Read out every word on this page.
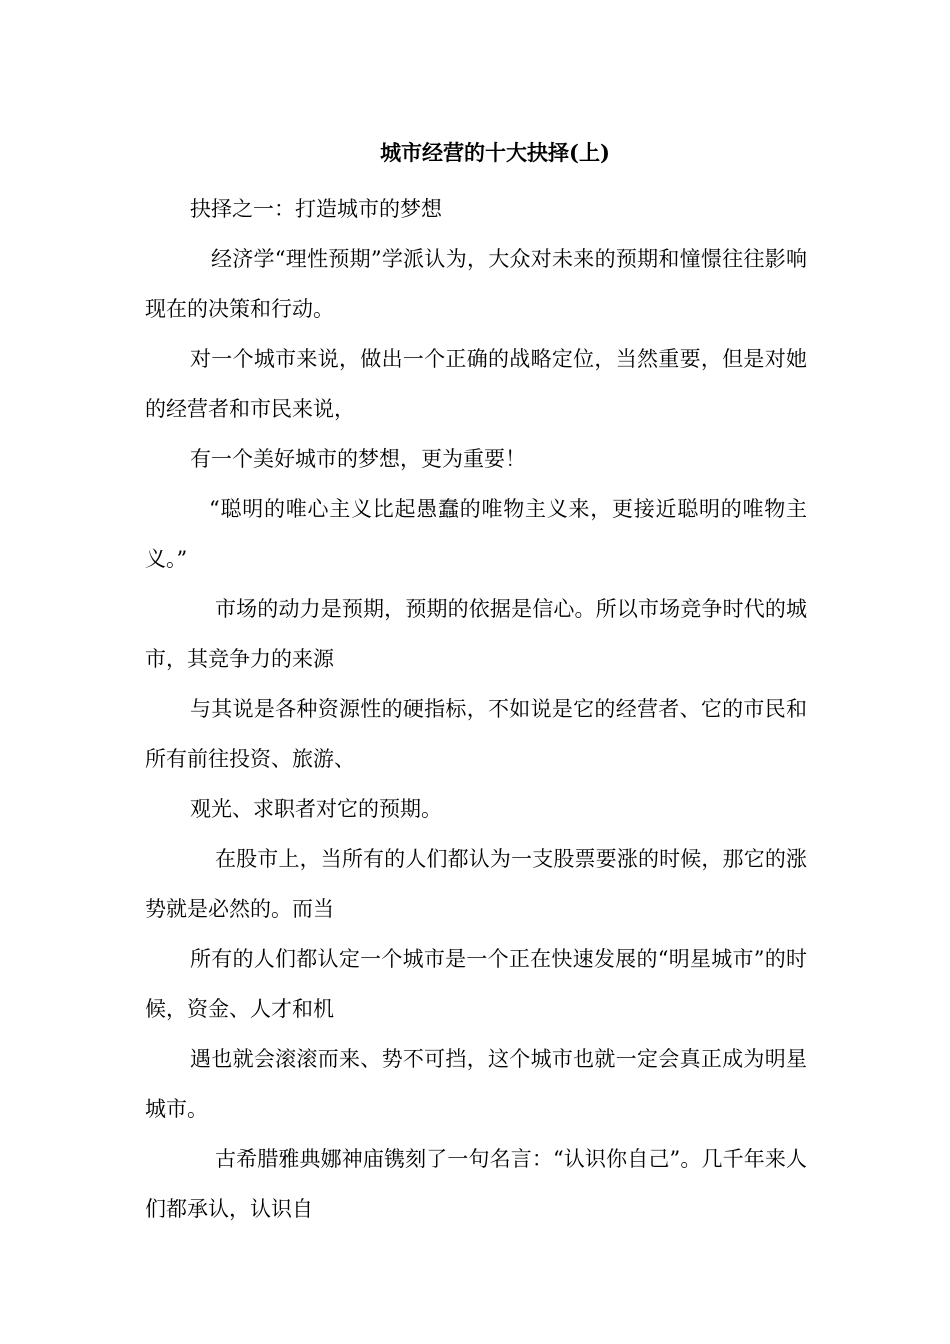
城市经营的十大抉择(上)

抉择之一：打造城市的梦想

经济学“理性预期”学派认为，大众对未来的预期和憧憬往往影响现在的决策和行动。

对一个城市来说，做出一个正确的战略定位，当然重要，但是对她的经营者和市民来说，

有一个美好城市的梦想，更为重要！

“聪明的唯心主义比起愚蠢的唯物主义来，更接近聪明的唯物主义。”

市场的动力是预期，预期的依据是信心。所以市场竞争时代的城市，其竞争力的来源

与其说是各种资源性的硬指标，不如说是它的经营者、它的市民和所有前往投资、旅游、

观光、求职者对它的预期。

在股市上，当所有的人们都认为一支股票要涨的时候，那它的涨势就是必然的。而当

所有的人们都认定一个城市是一个正在快速发展的“明星城市”的时候，资金、人才和机

遇也就会滚滚而来、势不可挡，这个城市也就一定会真正成为明星城市。

古希腊雅典娜神庙镌刻了一句名言：“认识你自己”。几千年来人们都承认，认识自
